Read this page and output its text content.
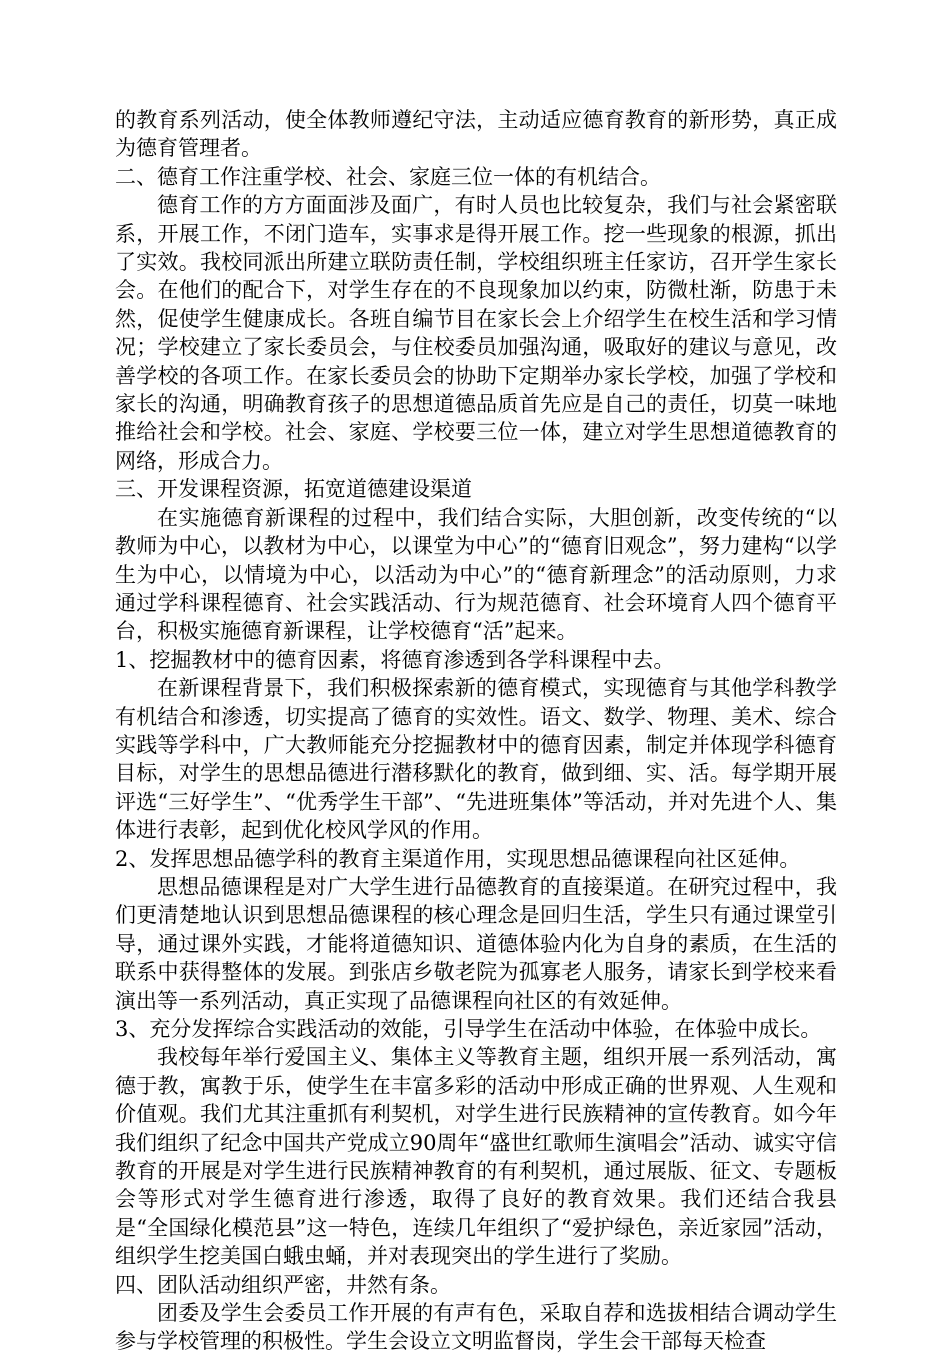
的教育系列活动，使全体教师遵纪守法，主动适应德育教育的新形势，真正成为德育管理者。

二、德育工作注重学校、社会、家庭三位一体的有机结合。

德育工作的方方面面涉及面广，有时人员也比较复杂，我们与社会紧密联系，开展工作，不闭门造车，实事求是得开展工作。挖一些现象的根源，抓出了实效。我校同派出所建立联防责任制，学校组织班主任家访，召开学生家长会。在他们的配合下，对学生存在的不良现象加以约束，防微杜渐，防患于未然，促使学生健康成长。各班自编节目在家长会上介绍学生在校生活和学习情况；学校建立了家长委员会，与住校委员加强沟通，吸取好的建议与意见，改善学校的各项工作。在家长委员会的协助下定期举办家长学校，加强了学校和家长的沟通，明确教育孩子的思想道德品质首先应是自己的责任，切莫一味地推给社会和学校。社会、家庭、学校要三位一体，建立对学生思想道德教育的网络，形成合力。

三、开发课程资源，拓宽道德建设渠道

在实施德育新课程的过程中，我们结合实际，大胆创新，改变传统的“以教师为中心，以教材为中心，以课堂为中心”的“德育旧观念”，努力建构“以学生为中心，以情境为中心，以活动为中心”的“德育新理念”的活动原则，力求通过学科课程德育、社会实践活动、行为规范德育、社会环境育人四个德育平台，积极实施德育新课程，让学校德育“活”起来。

1、挖掘教材中的德育因素，将德育渗透到各学科课程中去。

在新课程背景下，我们积极探索新的德育模式，实现德育与其他学科教学有机结合和渗透，切实提高了德育的实效性。语文、数学、物理、美术、综合实践等学科中，广大教师能充分挖掘教材中的德育因素，制定并体现学科德育目标，对学生的思想品德进行潜移默化的教育，做到细、实、活。每学期开展评选“三好学生”、“优秀学生干部”、“先进班集体”等活动，并对先进个人、集体进行表彰，起到优化校风学风的作用。

2、发挥思想品德学科的教育主渠道作用，实现思想品德课程向社区延伸。

思想品德课程是对广大学生进行品德教育的直接渠道。在研究过程中，我们更清楚地认识到思想品德课程的核心理念是回归生活，学生只有通过课堂引导，通过课外实践，才能将道德知识、道德体验内化为自身的素质，在生活的联系中获得整体的发展。到张店乡敬老院为孤寡老人服务，请家长到学校来看演出等一系列活动，真正实现了品德课程向社区的有效延伸。

3、充分发挥综合实践活动的效能，引导学生在活动中体验，在体验中成长。

我校每年举行爱国主义、集体主义等教育主题，组织开展一系列活动，寓德于教，寓教于乐，使学生在丰富多彩的活动中形成正确的世界观、人生观和价值观。我们尤其注重抓有利契机，对学生进行民族精神的宣传教育。如今年我们组织了纪念中国共产党成立90周年“盛世红歌师生演唱会”活动、诚实守信教育的开展是对学生进行民族精神教育的有利契机，通过展版、征文、专题板会等形式对学生德育进行渗透，取得了良好的教育效果。我们还结合我县是“全国绿化模范县”这一特色，连续几年组织了“爱护绿色，亲近家园”活动，组织学生挖美国白蛾虫蛹，并对表现突出的学生进行了奖励。

四、团队活动组织严密，井然有条。

团委及学生会委员工作开展的有声有色，采取自荐和选拔相结合调动学生参与学校管理的积极性。学生会设立文明监督岗，学生会干部每天检查
